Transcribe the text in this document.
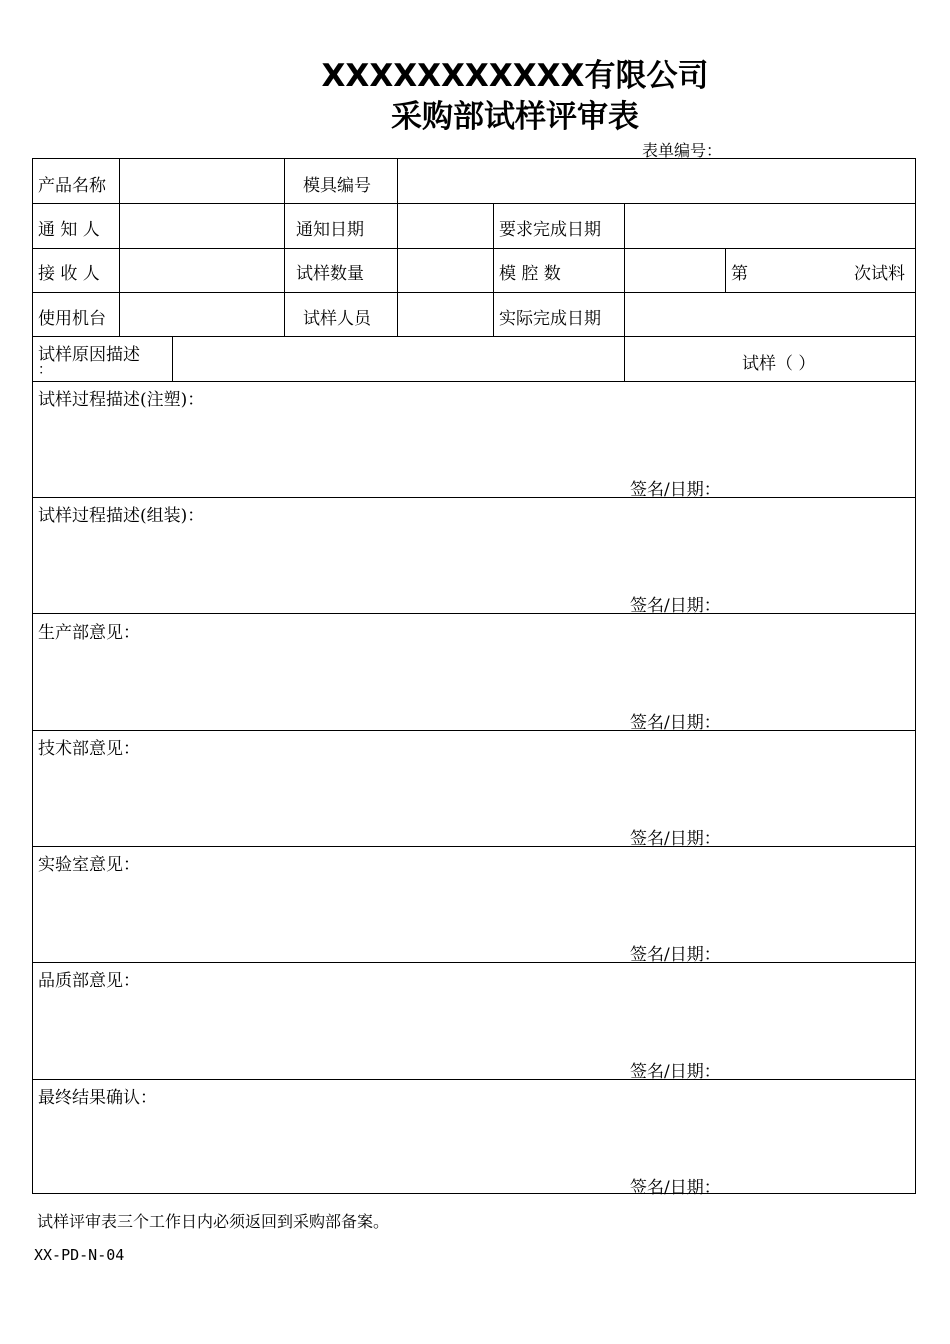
XXXXXXXXXXX有限公司
采购部试样评审表
表单编号：
产品名称	模具编号
通 知 人	通知日期	要求完成日期
接 收 人	试样数量	模 腔 数	第	次试料
使用机台	试样人员	实际完成日期
试样原因描述
：	试样（ ）
试样过程描述(注塑)：
签名/日期：
试样过程描述(组装)：
签名/日期：
生产部意见：
签名/日期：
技术部意见：
签名/日期：
实验室意见：
签名/日期：
品质部意见：
签名/日期：
最终结果确认：
签名/日期：
试样评审表三个工作日内必须返回到采购部备案。
XX-PD-N-04
